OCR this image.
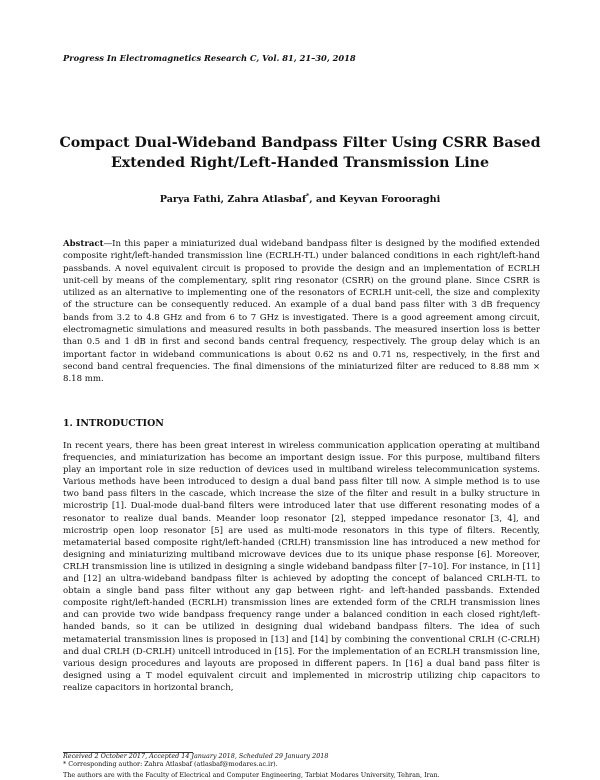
Progress In Electromagnetics Research C, Vol. 81, 21–30, 2018
Compact Dual-Wideband Bandpass Filter Using CSRR Based
Extended Right/Left-Handed Transmission Line
Parya Fathi, Zahra Atlasbaf*, and Keyvan Forooraghi

Abstract—In this paper a miniaturized dual wideband bandpass filter is designed by the modified extended composite right/left-handed transmission line (ECRLH-TL) under balanced conditions in each right/left-hand passbands. A novel equivalent circuit is proposed to provide the design and an implementation of ECRLH unit-cell by means of the complementary, split ring resonator (CSRR) on the ground plane. Since CSRR is utilized as an alternative to implementing one of the resonators of ECRLH unit-cell, the size and complexity of the structure can be consequently reduced. An example of a dual band pass filter with 3 dB frequency bands from 3.2 to 4.8 GHz and from 6 to 7 GHz is investigated. There is a good agreement among circuit, electromagnetic simulations and measured results in both passbands. The measured insertion loss is better than 0.5 and 1 dB in first and second bands central frequency, respectively. The group delay which is an important factor in wideband communications is about 0.62 ns and 0.71 ns, respectively, in the first and second band central frequencies. The final dimensions of the miniaturized filter are reduced to 8.88 mm × 8.18 mm.

1. INTRODUCTION

In recent years, there has been great interest in wireless communication application operating at multiband frequencies, and miniaturization has become an important design issue. For this purpose, multiband filters play an important role in size reduction of devices used in multiband wireless telecommunication systems. Various methods have been introduced to design a dual band pass filter till now. A simple method is to use two band pass filters in the cascade, which increase the size of the filter and result in a bulky structure in microstrip [1]. Dual-mode dual-band filters were introduced later that use different resonating modes of a resonator to realize dual bands. Meander loop resonator [2], stepped impedance resonator [3, 4], and microstrip open loop resonator [5] are used as multi-mode resonators in this type of filters. Recently, metamaterial based composite right/left-handed (CRLH) transmission line has introduced a new method for designing and miniaturizing multiband microwave devices due to its unique phase response [6]. Moreover, CRLH transmission line is utilized in designing a single wideband bandpass filter [7–10]. For instance, in [11] and [12] an ultra-wideband bandpass filter is achieved by adopting the concept of balanced CRLH-TL to obtain a single band pass filter without any gap between right- and left-handed passbands. Extended composite right/left-handed (ECRLH) transmission lines are extended form of the CRLH transmission lines and can provide two wide bandpass frequency range under a balanced condition in each closed right/left-handed bands, so it can be utilized in designing dual wideband bandpass filters. The idea of such metamaterial transmission lines is proposed in [13] and [14] by combining the conventional CRLH (C-CRLH) and dual CRLH (D-CRLH) unitcell introduced in [15]. For the implementation of an ECRLH transmission line, various design procedures and layouts are proposed in different papers. In [16] a dual band pass filter is designed using a T model equivalent circuit and implemented in microstrip utilizing chip capacitors to realize capacitors in horizontal branch,

Received 2 October 2017, Accepted 14 January 2018, Scheduled 29 January 2018
* Corresponding author: Zahra Atlasbaf (atlasbaf@modares.ac.ir).
The authors are with the Faculty of Electrical and Computer Engineering, Tarbiat Modares University, Tehran, Iran.
